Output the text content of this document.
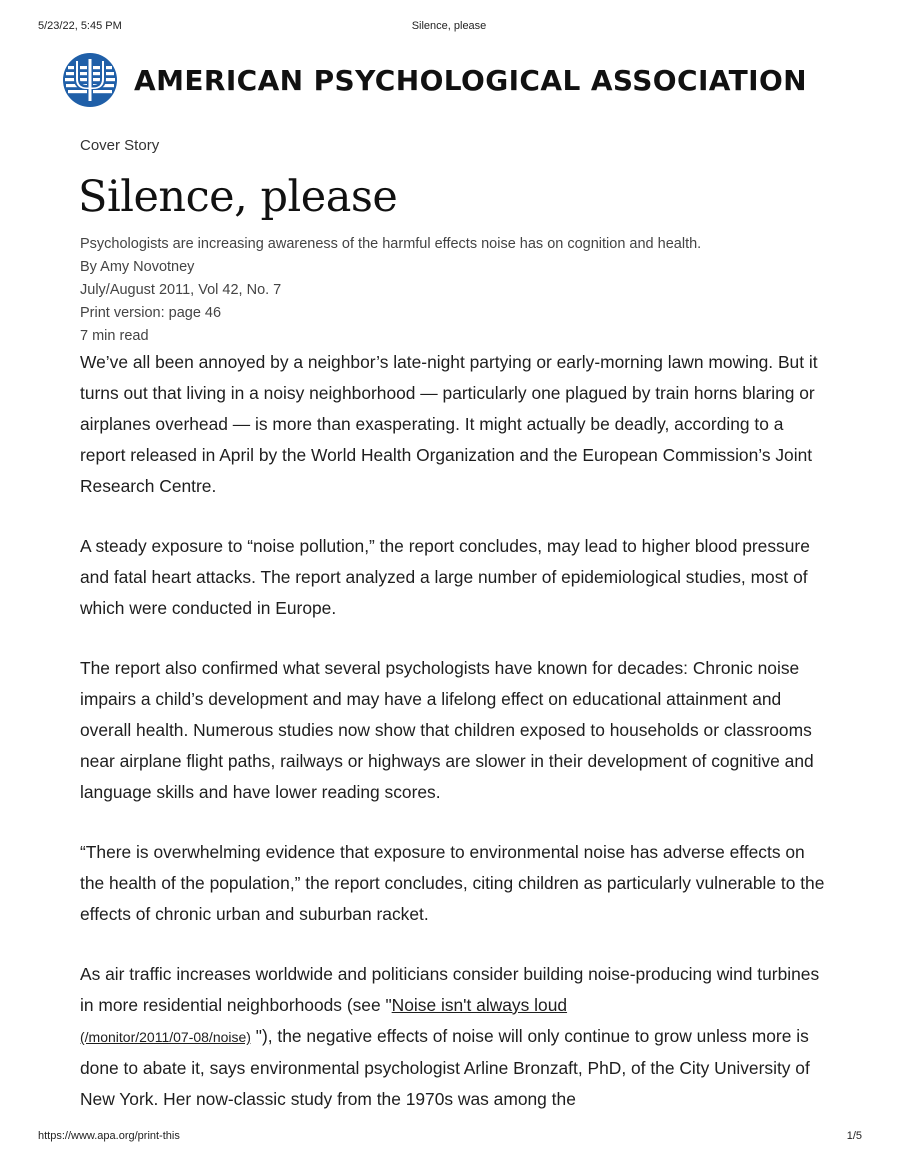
5/23/22, 5:45 PM	Silence, please
AMERICAN PSYCHOLOGICAL ASSOCIATION
Cover Story
Silence, please
Psychologists are increasing awareness of the harmful effects noise has on cognition and health.
By Amy Novotney
July/August 2011, Vol 42, No. 7
Print version: page 46
7 min read

We’ve all been annoyed by a neighbor’s late-night partying or early-morning lawn mowing. But it turns out that living in a noisy neighborhood — particularly one plagued by train horns blaring or airplanes overhead — is more than exasperating. It might actually be deadly, according to a report released in April by the World Health Organization and the European Commission’s Joint Research Centre.

A steady exposure to “noise pollution,” the report concludes, may lead to higher blood pressure and fatal heart attacks. The report analyzed a large number of epidemiological studies, most of which were conducted in Europe.

The report also confirmed what several psychologists have known for decades: Chronic noise impairs a child’s development and may have a lifelong effect on educational attainment and overall health. Numerous studies now show that children exposed to households or classrooms near airplane flight paths, railways or highways are slower in their development of cognitive and language skills and have lower reading scores.

“There is overwhelming evidence that exposure to environmental noise has adverse effects on the health of the population,” the report concludes, citing children as particularly vulnerable to the effects of chronic urban and suburban racket.

As air traffic increases worldwide and politicians consider building noise-producing wind turbines in more residential neighborhoods (see "Noise isn't always loud
(/monitor/2011/07-08/noise) "), the negative effects of noise will only continue to grow unless more is done to abate it, says environmental psychologist Arline Bronzaft, PhD, of the City University of New York. Her now-classic study from the 1970s was among the

https://www.apa.org/print-this	1/5
